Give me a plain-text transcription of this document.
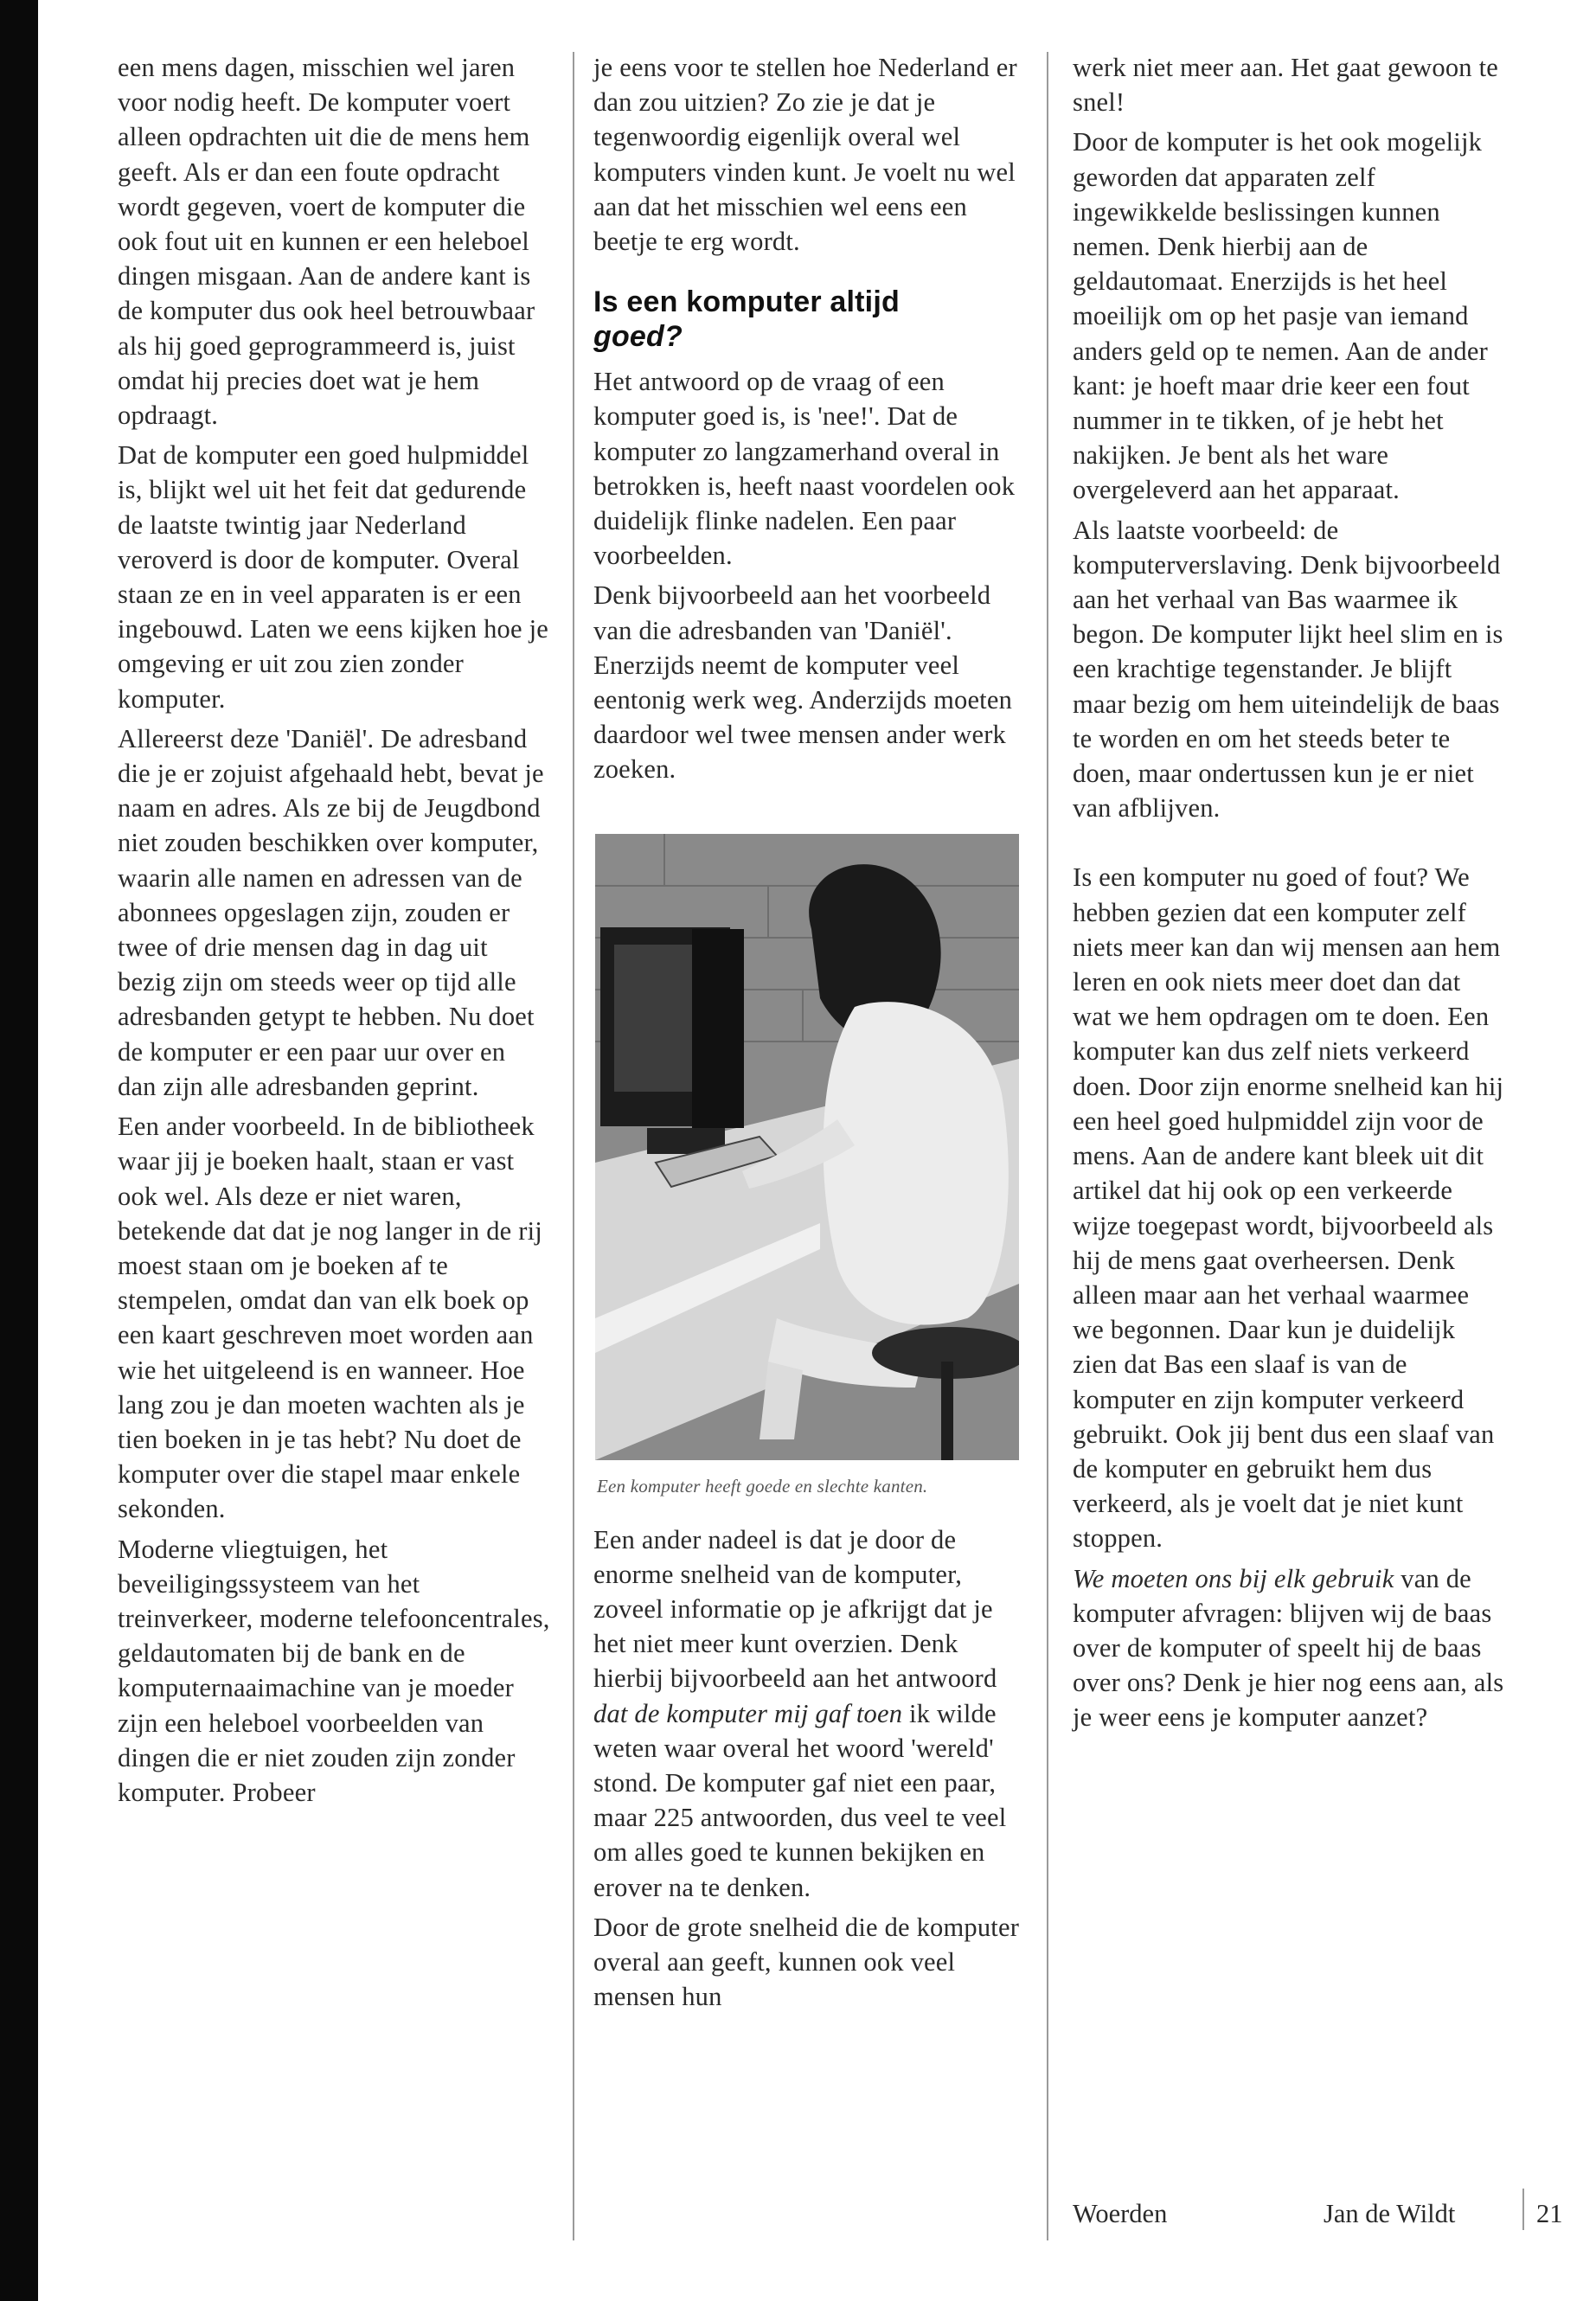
een mens dagen, misschien wel jaren voor nodig heeft. De komputer voert alleen opdrachten uit die de mens hem geeft. Als er dan een foute opdracht wordt gegeven, voert de komputer die ook fout uit en kunnen er een heleboel dingen misgaan. Aan de andere kant is de komputer dus ook heel betrouwbaar als hij goed geprogrammeerd is, juist omdat hij precies doet wat je hem opdraagt.

Dat de komputer een goed hulpmiddel is, blijkt wel uit het feit dat gedurende de laatste twintig jaar Nederland veroverd is door de komputer. Overal staan ze en in veel apparaten is er een ingebouwd. Laten we eens kijken hoe je omgeving er uit zou zien zonder komputer.

Allereerst deze 'Daniël'. De adresband die je er zojuist afgehaald hebt, bevat je naam en adres. Als ze bij de Jeugdbond niet zouden beschikken over komputer, waarin alle namen en adressen van de abonnees opgeslagen zijn, zouden er twee of drie mensen dag in dag uit bezig zijn om steeds weer op tijd alle adresbanden getypt te hebben. Nu doet de komputer er een paar uur over en dan zijn alle adresbanden geprint.

Een ander voorbeeld. In de bibliotheek waar jij je boeken haalt, staan er vast ook wel. Als deze er niet waren, betekende dat dat je nog langer in de rij moest staan om je boeken af te stempelen, omdat dan van elk boek op een kaart geschreven moet worden aan wie het uitgeleend is en wanneer. Hoe lang zou je dan moeten wachten als je tien boeken in je tas hebt? Nu doet de komputer over die stapel maar enkele sekonden.

Moderne vliegtuigen, het beveiligingssysteem van het treinverkeer, moderne telefooncentrales, geldautomaten bij de bank en de komputernaaimachine van je moeder zijn een heleboel voorbeelden van dingen die er niet zouden zijn zonder komputer. Probeer

je eens voor te stellen hoe Nederland er dan zou uitzien? Zo zie je dat je tegenwoordig eigenlijk overal wel komputers vinden kunt. Je voelt nu wel aan dat het misschien wel eens een beetje te erg wordt.

Is een komputer altijd
goed?

Het antwoord op de vraag of een komputer goed is, is 'nee!'. Dat de komputer zo langzamerhand overal in betrokken is, heeft naast voordelen ook duidelijk flinke nadelen. Een paar voorbeelden.

Denk bijvoorbeeld aan het voorbeeld van die adresbanden van 'Daniël'. Enerzijds neemt de komputer veel eentonig werk weg. Anderzijds moeten daardoor wel twee mensen ander werk zoeken.

Een komputer heeft goede en slechte kanten.

Een ander nadeel is dat je door de enorme snelheid van de komputer, zoveel informatie op je afkrijgt dat je het niet meer kunt overzien. Denk hierbij bijvoorbeeld aan het antwoord dat de komputer mij gaf toen ik wilde weten waar overal het woord 'wereld' stond. De komputer gaf niet een paar, maar 225 antwoorden, dus veel te veel om alles goed te kunnen bekijken en erover na te denken.

Door de grote snelheid die de komputer overal aan geeft, kunnen ook veel mensen hun

werk niet meer aan. Het gaat gewoon te snel!

Door de komputer is het ook mogelijk geworden dat apparaten zelf ingewikkelde beslissingen kunnen nemen. Denk hierbij aan de geldautomaat. Enerzijds is het heel moeilijk om op het pasje van iemand anders geld op te nemen. Aan de ander kant: je hoeft maar drie keer een fout nummer in te tikken, of je hebt het nakijken. Je bent als het ware overgeleverd aan het apparaat.

Als laatste voorbeeld: de komputerverslaving. Denk bijvoorbeeld aan het verhaal van Bas waarmee ik begon. De komputer lijkt heel slim en is een krachtige tegenstander. Je blijft maar bezig om hem uiteindelijk de baas te worden en om het steeds beter te doen, maar ondertussen kun je er niet van afblijven.

Is een komputer nu goed of fout? We hebben gezien dat een komputer zelf niets meer kan dan wij mensen aan hem leren en ook niets meer doet dan dat wat we hem opdragen om te doen. Een komputer kan dus zelf niets verkeerd doen. Door zijn enorme snelheid kan hij een heel goed hulpmiddel zijn voor de mens. Aan de andere kant bleek uit dit artikel dat hij ook op een verkeerde wijze toegepast wordt, bijvoorbeeld als hij de mens gaat overheersen. Denk alleen maar aan het verhaal waarmee we begonnen. Daar kun je duidelijk zien dat Bas een slaaf is van de komputer en zijn komputer verkeerd gebruikt. Ook jij bent dus een slaaf van de komputer en gebruikt hem dus verkeerd, als je voelt dat je niet kunt stoppen.

We moeten ons bij elk gebruik van de komputer afvragen: blijven wij de baas over de komputer of speelt hij de baas over ons? Denk je hier nog eens aan, als je weer eens je komputer aanzet?

Woerden	Jan de Wildt	21
